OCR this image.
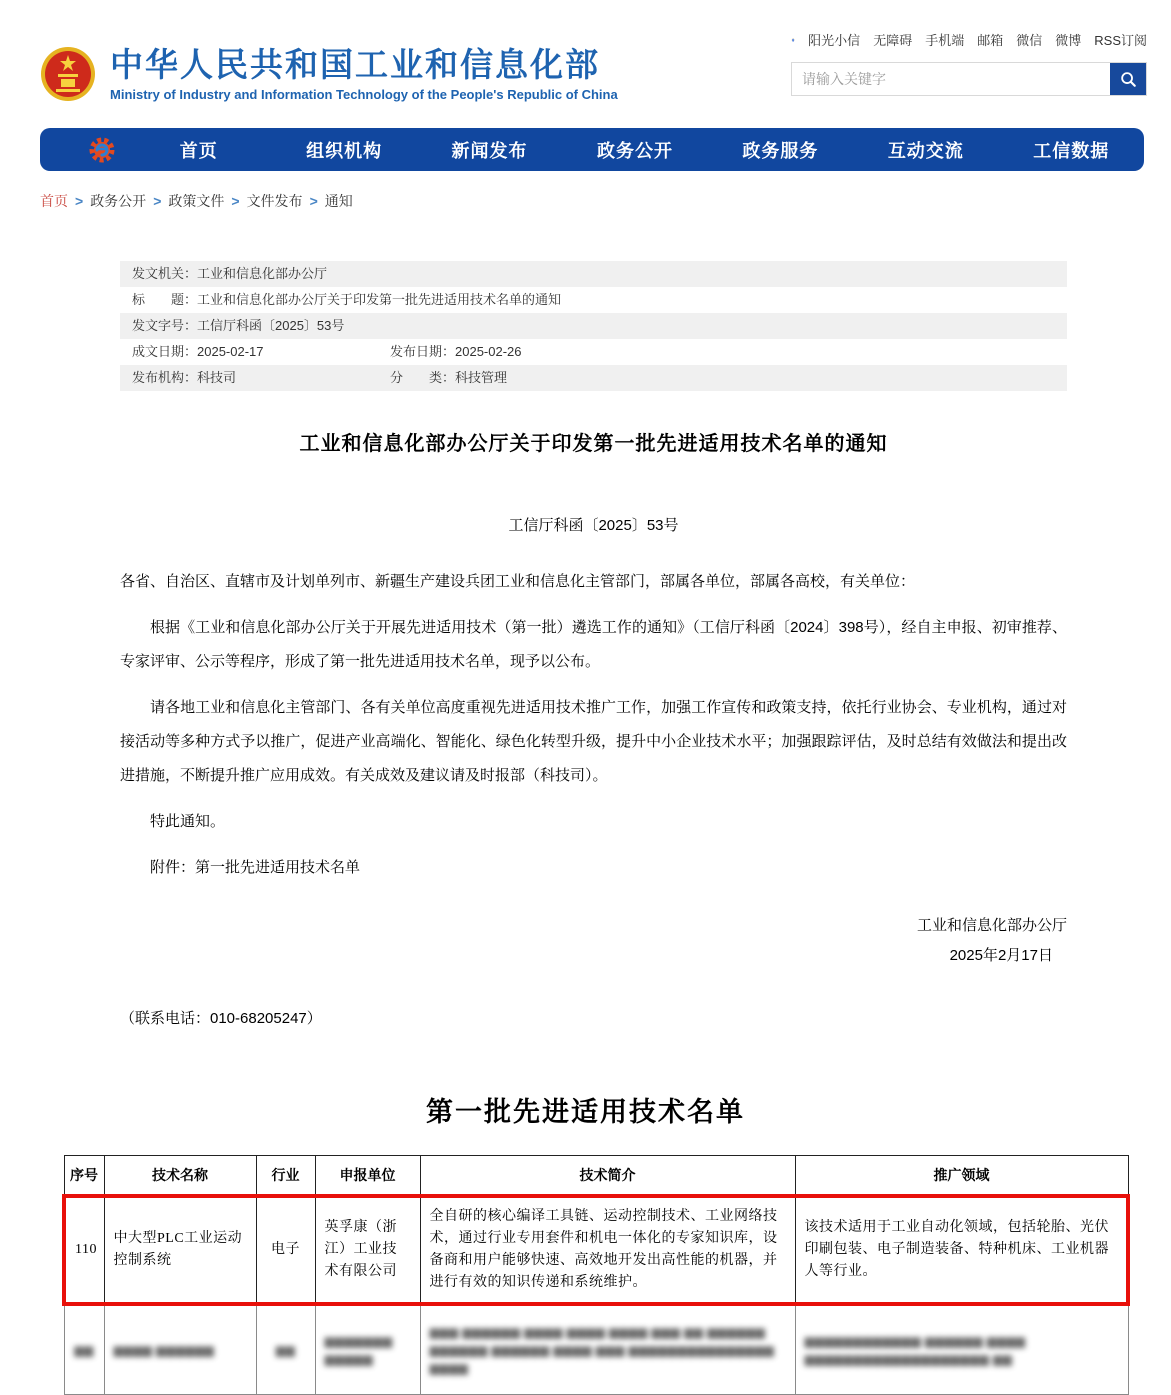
中华人民共和国工业和信息化部
Ministry of Industry and Information Technology of the People's Republic of China
阳光小信 无障碍 手机端 邮箱 微信 微博 RSS订阅
请输入关键字
首页	组织机构	新闻发布	政务公开	政务服务	互动交流	工信数据
首页 > 政务公开 > 政策文件 > 文件发布 > 通知
发文机关： 工业和信息化部办公厅
标　　题： 工业和信息化部办公厅关于印发第一批先进适用技术名单的通知
发文字号： 工信厅科函〔2025〕53号
成文日期： 2025-02-17	发布日期： 2025-02-26
发布机构： 科技司	分　　类： 科技管理
工业和信息化部办公厅关于印发第一批先进适用技术名单的通知
工信厅科函〔2025〕53号

各省、自治区、直辖市及计划单列市、新疆生产建设兵团工业和信息化主管部门，部属各单位，部属各高校，有关单位：

根据《工业和信息化部办公厅关于开展先进适用技术（第一批）遴选工作的通知》（工信厅科函〔2024〕398号），经自主申报、初审推荐、专家评审、公示等程序，形成了第一批先进适用技术名单，现予以公布。

请各地工业和信息化主管部门、各有关单位高度重视先进适用技术推广工作，加强工作宣传和政策支持，依托行业协会、专业机构，通过对接活动等多种方式予以推广，促进产业高端化、智能化、绿色化转型升级，提升中小企业技术水平；加强跟踪评估，及时总结有效做法和提出改进措施，不断提升推广应用成效。有关成效及建议请及时报部（科技司）。

特此通知。

附件：第一批先进适用技术名单

工业和信息化部办公厅
2025年2月17日
（联系电话：010-68205247）
第一批先进适用技术名单
序号	技术名称	行业	申报单位	技术简介	推广领域
110	中大型PLC工业运动控制系统	电子	英孚康（浙江）工业技术有限公司	全自研的核心编译工具链、运动控制技术、工业网络技术，通过行业专用套件和机电一体化的专家知识库，设备商和用户能够快速、高效地开发出高性能的机器，并进行有效的知识传递和系统维护。	该技术适用于工业自动化领域，包括轮胎、光伏印刷包装、电子制造装备、特种机床、工业机器人等行业。

▆▆	▆▆▆▆ ▆▆▆▆▆▆	▆▆	▆▆▆▆▆▆▆ ▆▆▆▆▆	▆▆▆ ▆▆▆▆▆▆ ▆▆▆▆ ▆▆▆▆ ▆▆▆▆ ▆▆▆ ▆▆ ▆▆▆▆▆▆ ▆▆▆▆▆▆ ▆▆▆▆▆▆ ▆▆▆▆ ▆▆▆ ▆▆▆▆▆▆▆▆▆▆▆▆▆▆▆ ▆▆▆▆	▆▆▆▆▆▆▆▆▆▆▆▆ ▆▆▆▆▆▆ ▆▆▆▆ ▆▆▆▆▆▆▆▆▆▆▆▆▆▆▆▆▆▆▆ ▆▆
